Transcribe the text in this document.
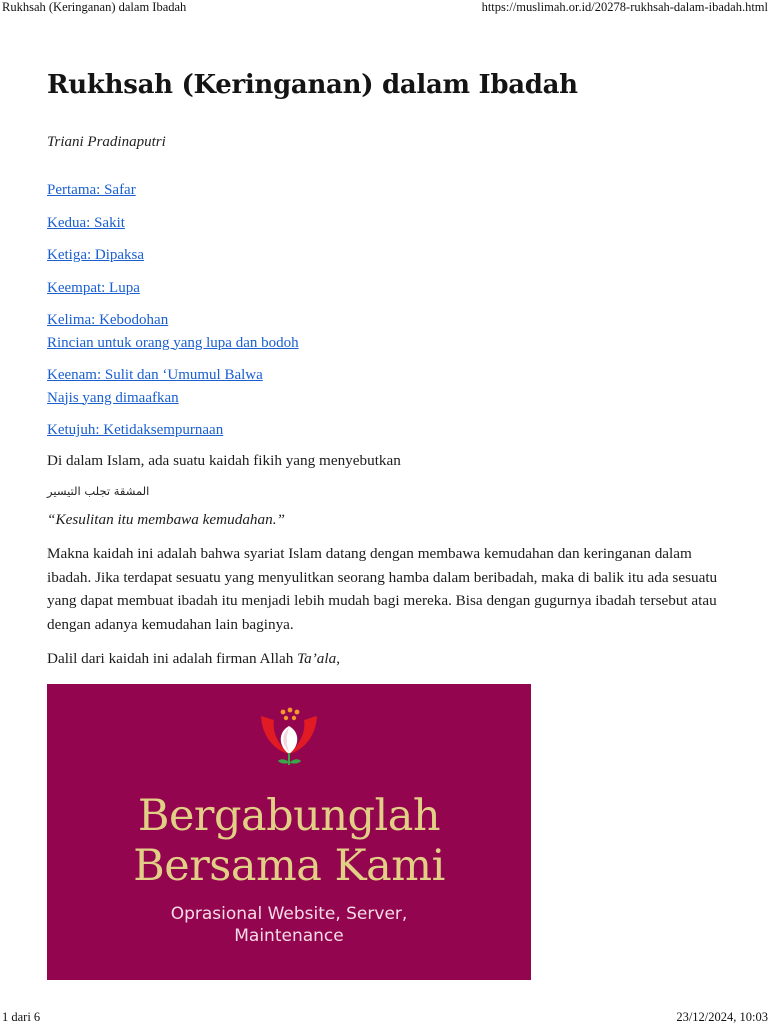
Rukhsah (Keringanan) dalam Ibadah	https://muslimah.or.id/20278-rukhsah-dalam-ibadah.html
Rukhsah (Keringanan) dalam Ibadah
Triani Pradinaputri
Pertama: Safar
Kedua: Sakit
Ketiga: Dipaksa
Keempat: Lupa
Kelima: Kebodohan
Rincian untuk orang yang lupa dan bodoh
Keenam: Sulit dan ‘Umumul Balwa
Najis yang dimaafkan
Ketujuh: Ketidaksempurnaan

Di dalam Islam, ada suatu kaidah fikih yang menyebutkan

المشقة تجلب التيسير

“Kesulitan itu membawa kemudahan.”

Makna kaidah ini adalah bahwa syariat Islam datang dengan membawa kemudahan dan keringanan dalam ibadah. Jika terdapat sesuatu yang menyulitkan seorang hamba dalam beribadah, maka di balik itu ada sesuatu yang dapat membuat ibadah itu menjadi lebih mudah bagi mereka. Bisa dengan gugurnya ibadah tersebut atau dengan adanya kemudahan lain baginya.

Dalil dari kaidah ini adalah firman Allah Ta’ala,

Bergabunglah
Bersama Kami
Oprasional Website, Server,
Maintenance
1 dari 6	23/12/2024, 10:03
